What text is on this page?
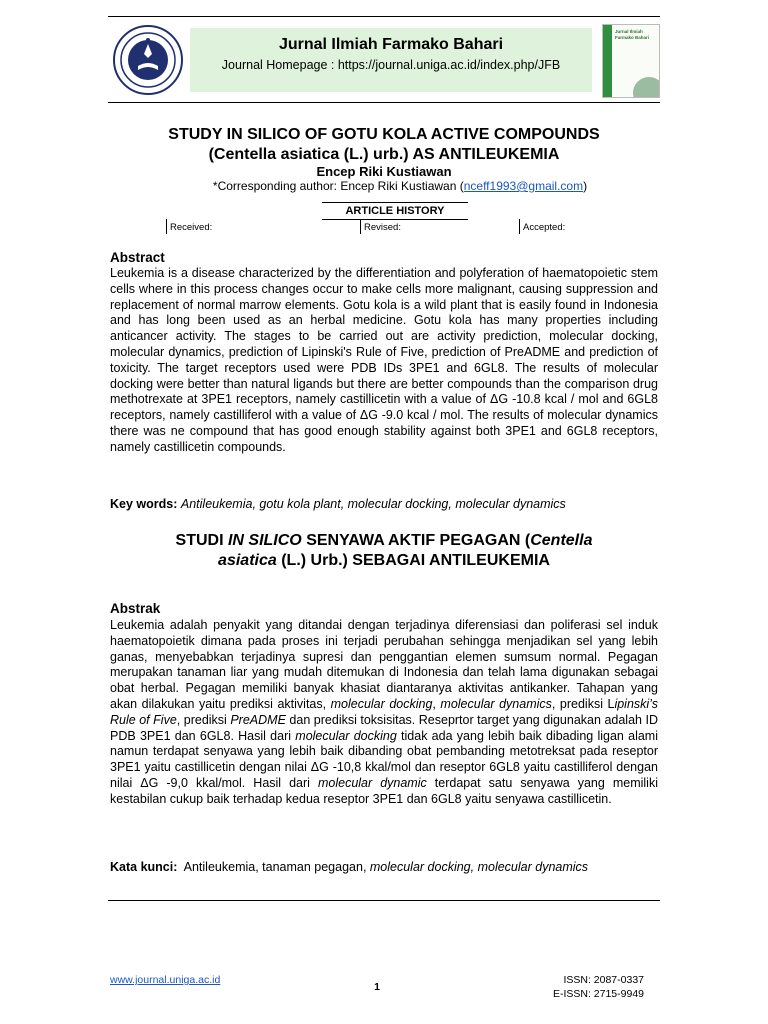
Jurnal Ilmiah Farmako Bahari
Journal Homepage : https://journal.uniga.ac.id/index.php/JFB
Jurnal Ilmiah Farmako Bahari
STUDY IN SILICO OF GOTU KOLA ACTIVE COMPOUNDS
(Centella asiatica (L.) urb.) AS ANTILEUKEMIA
Encep Riki Kustiawan
*Corresponding author: Encep Riki Kustiawan (nceff1993@gmail.com)
ARTICLE HISTORY
Received:	Revised:	Accepted:
Abstract
Leukemia is a disease characterized by the differentiation and polyferation of haematopoietic stem cells where in this process changes occur to make cells more malignant, causing suppression and replacement of normal marrow elements. Gotu kola is a wild plant that is easily found in Indonesia and has long been used as an herbal medicine. Gotu kola has many properties including anticancer activity. The stages to be carried out are activity prediction, molecular docking, molecular dynamics, prediction of Lipinski's Rule of Five, prediction of PreADME and prediction of toxicity. The target receptors used were PDB IDs 3PE1 and 6GL8. The results of molecular docking were better than natural ligands but there are better compounds than the comparison drug methotrexate at 3PE1 receptors, namely castillicetin with a value of ΔG -10.8 kcal / mol and 6GL8 receptors, namely castilliferol with a value of ΔG -9.0 kcal / mol. The results of molecular dynamics there was ne compound that has good enough stability against both 3PE1 and 6GL8 receptors, namely castillicetin compounds.
Key words: Antileukemia, gotu kola plant, molecular docking, molecular dynamics
STUDI IN SILICO SENYAWA AKTIF PEGAGAN (Centella
asiatica (L.) Urb.) SEBAGAI ANTILEUKEMIA
Abstrak
Leukemia adalah penyakit yang ditandai dengan terjadinya diferensiasi dan poliferasi sel induk haematopoietik dimana pada proses ini terjadi perubahan sehingga menjadikan sel yang lebih ganas, menyebabkan terjadinya supresi dan penggantian elemen sumsum normal. Pegagan merupakan tanaman liar yang mudah ditemukan di Indonesia dan telah lama digunakan sebagai obat herbal. Pegagan memiliki banyak khasiat diantaranya aktivitas antikanker. Tahapan yang akan dilakukan yaitu prediksi aktivitas, molecular docking, molecular dynamics, prediksi Lipinski’s Rule of Five, prediksi PreADME dan prediksi toksisitas. Reseprtor target yang digunakan adalah ID PDB 3PE1 dan 6GL8. Hasil dari molecular docking tidak ada yang lebih baik dibading ligan alami namun terdapat senyawa yang lebih baik dibanding obat pembanding metotreksat pada reseptor 3PE1 yaitu castillicetin dengan nilai ΔG -10,8 kkal/mol dan reseptor 6GL8 yaitu castilliferol dengan nilai ΔG -9,0 kkal/mol. Hasil dari molecular dynamic terdapat satu senyawa yang memiliki kestabilan cukup baik terhadap kedua reseptor 3PE1 dan 6GL8 yaitu senyawa castillicetin.
Kata kunci:  Antileukemia, tanaman pegagan, molecular docking, molecular dynamics
www.journal.uniga.ac.id
1
ISSN: 2087-0337
E-ISSN: 2715-9949
